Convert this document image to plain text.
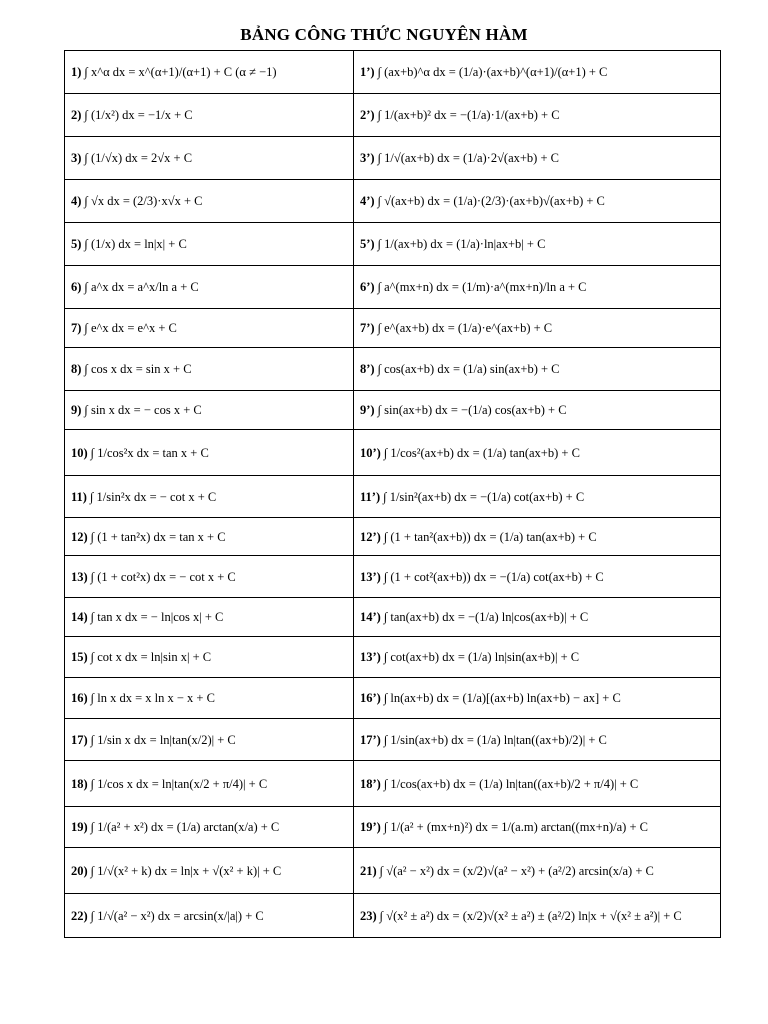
BẢNG CÔNG THỨC NGUYÊN HÀM
1) ∫ x^α dx = x^(α+1)/(α+1) + C (α ≠ −1)	1’) ∫ (ax+b)^α dx = (1/a)·(ax+b)^(α+1)/(α+1) + C
2) ∫ (1/x²) dx = −1/x + C	2’) ∫ 1/(ax+b)² dx = −(1/a)·1/(ax+b) + C
3) ∫ (1/√x) dx = 2√x + C	3’) ∫ 1/√(ax+b) dx = (1/a)·2√(ax+b) + C
4) ∫ √x dx = (2/3)·x√x + C	4’) ∫ √(ax+b) dx = (1/a)·(2/3)·(ax+b)√(ax+b) + C
5) ∫ (1/x) dx = ln|x| + C	5’) ∫ 1/(ax+b) dx = (1/a)·ln|ax+b| + C
6) ∫ a^x dx = a^x/ln a + C	6’) ∫ a^(mx+n) dx = (1/m)·a^(mx+n)/ln a + C
7) ∫ e^x dx = e^x + C	7’) ∫ e^(ax+b) dx = (1/a)·e^(ax+b) + C
8) ∫ cos x dx = sin x + C	8’) ∫ cos(ax+b) dx = (1/a) sin(ax+b) + C
9) ∫ sin x dx = − cos x + C	9’) ∫ sin(ax+b) dx = −(1/a) cos(ax+b) + C
10) ∫ 1/cos²x dx = tan x + C	10’) ∫ 1/cos²(ax+b) dx = (1/a) tan(ax+b) + C
11) ∫ 1/sin²x dx = − cot x + C	11’) ∫ 1/sin²(ax+b) dx = −(1/a) cot(ax+b) + C
12) ∫ (1 + tan²x) dx = tan x + C	12’) ∫ (1 + tan²(ax+b)) dx = (1/a) tan(ax+b) + C
13) ∫ (1 + cot²x) dx = − cot x + C	13’) ∫ (1 + cot²(ax+b)) dx = −(1/a) cot(ax+b) + C
14) ∫ tan x dx = − ln|cos x| + C	14’) ∫ tan(ax+b) dx = −(1/a) ln|cos(ax+b)| + C
15) ∫ cot x dx = ln|sin x| + C	13’) ∫ cot(ax+b) dx = (1/a) ln|sin(ax+b)| + C
16) ∫ ln x dx = x ln x − x + C	16’) ∫ ln(ax+b) dx = (1/a)[(ax+b) ln(ax+b) − ax] + C
17) ∫ 1/sin x dx = ln|tan(x/2)| + C	17’) ∫ 1/sin(ax+b) dx = (1/a) ln|tan((ax+b)/2)| + C
18) ∫ 1/cos x dx = ln|tan(x/2 + π/4)| + C	18’) ∫ 1/cos(ax+b) dx = (1/a) ln|tan((ax+b)/2 + π/4)| + C
19) ∫ 1/(a² + x²) dx = (1/a) arctan(x/a) + C	19’) ∫ 1/(a² + (mx+n)²) dx = 1/(a.m) arctan((mx+n)/a) + C
20) ∫ 1/√(x² + k) dx = ln|x + √(x² + k)| + C	21) ∫ √(a² − x²) dx = (x/2)√(a² − x²) + (a²/2) arcsin(x/a) + C
22) ∫ 1/√(a² − x²) dx = arcsin(x/|a|) + C	23) ∫ √(x² ± a²) dx = (x/2)√(x² ± a²) ± (a²/2) ln|x + √(x² ± a²)| + C
